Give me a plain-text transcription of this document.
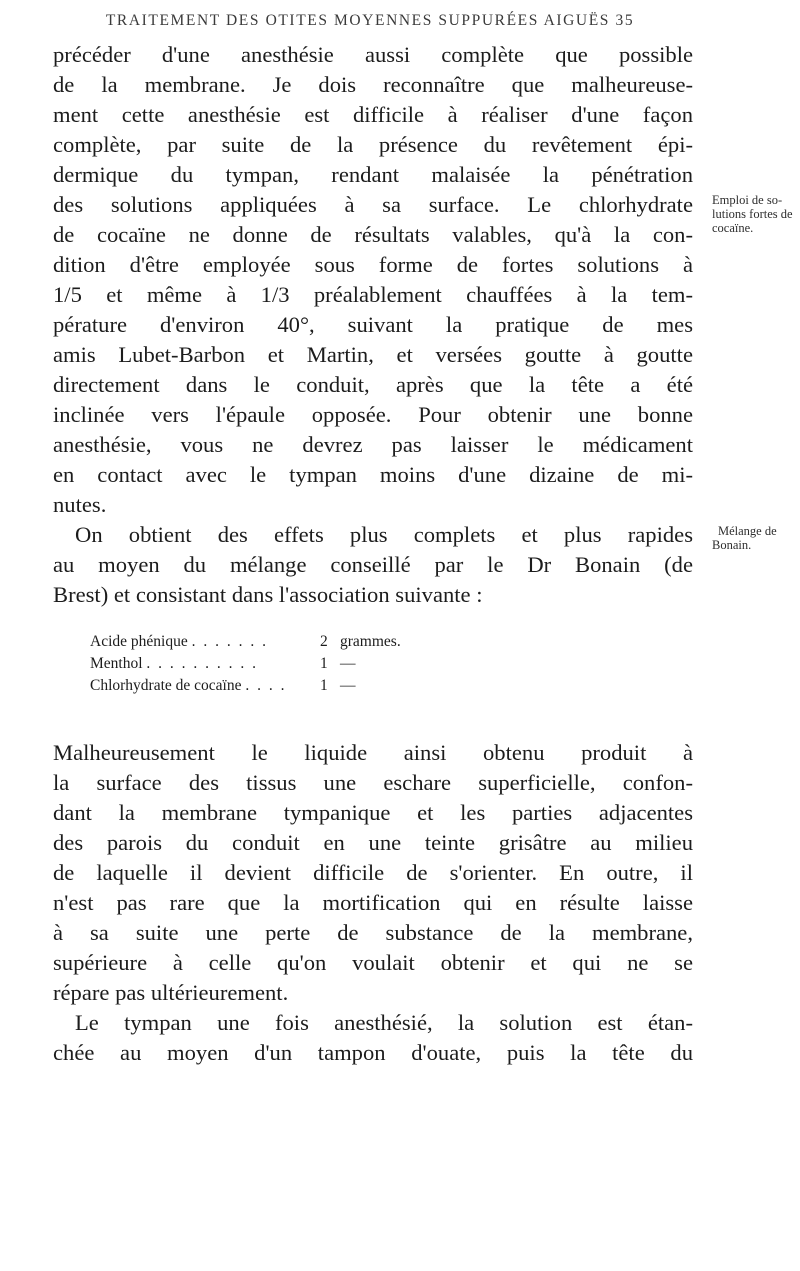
TRAITEMENT DES OTITES MOYENNES SUPPURÉES AIGUËS 35
précéder d'une anesthésie aussi complète que possible
de la membrane. Je dois reconnaître que malheureuse-
ment cette anesthésie est difficile à réaliser d'une façon
complète, par suite de la présence du revêtement épi-
dermique du tympan, rendant malaisée la pénétration
des solutions appliquées à sa surface. Le chlorhydrate
de cocaïne ne donne de résultats valables, qu'à la con-
dition d'être employée sous forme de fortes solutions à
1/5 et même à 1/3 préalablement chauffées à la tem-
pérature d'environ 40°, suivant la pratique de mes
amis Lubet-Barbon et Martin, et versées goutte à goutte
directement dans le conduit, après que la tête a été
inclinée vers l'épaule opposée. Pour obtenir une bonne
anesthésie, vous ne devrez pas laisser le médicament
en contact avec le tympan moins d'une dizaine de mi-
nutes.
Emploi de so-
lutions fortes de
cocaïne.
On obtient des effets plus complets et plus rapides
au moyen du mélange conseillé par le Dr Bonain (de
Brest) et consistant dans l'association suivante :
Mélange de
Bonain.
Acide phénique . . . . . . .	2 grammes.
Menthol . . . . . . . . . .	1 —
Chlorhydrate de cocaïne . . . . 1 —
Malheureusement le liquide ainsi obtenu produit à
la surface des tissus une eschare superficielle, confon-
dant la membrane tympanique et les parties adjacentes
des parois du conduit en une teinte grisâtre au milieu
de laquelle il devient difficile de s'orienter. En outre, il
n'est pas rare que la mortification qui en résulte laisse
à sa suite une perte de substance de la membrane,
supérieure à celle qu'on voulait obtenir et qui ne se
répare pas ultérieurement.
Le tympan une fois anesthésié, la solution est étan-
chée au moyen d'un tampon d'ouate, puis la tête du
